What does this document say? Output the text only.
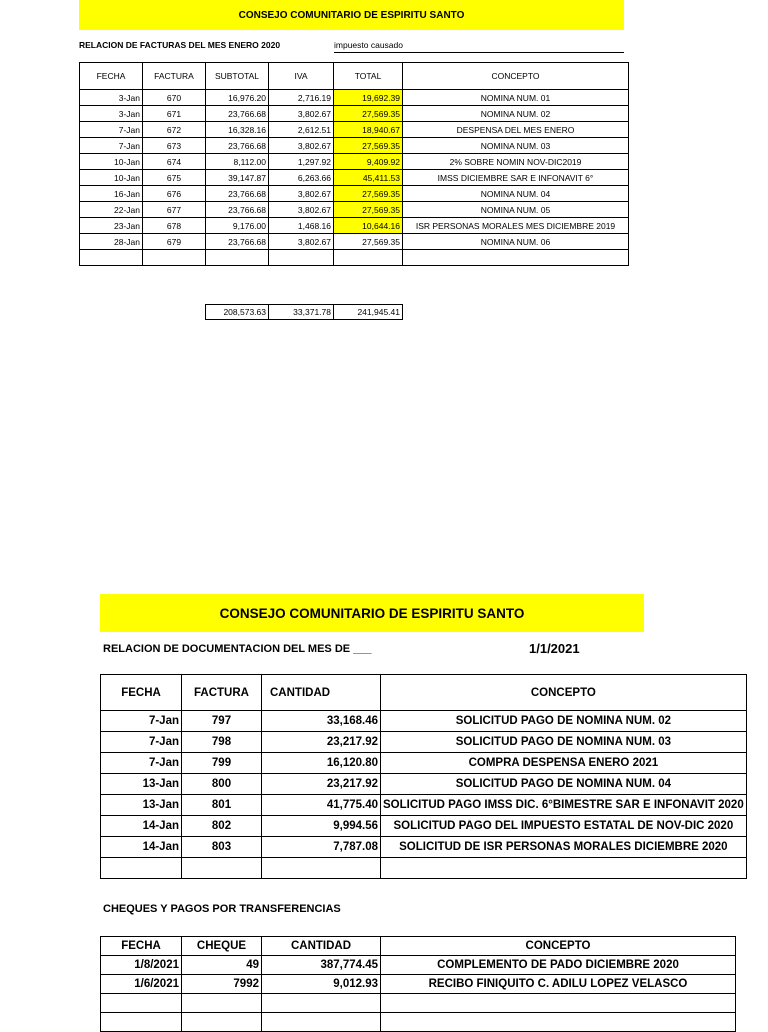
CONSEJO COMUNITARIO DE ESPIRITU SANTO
RELACION DE FACTURAS DEL MES ENERO 2020	impuesto causado
FECHA	FACTURA	SUBTOTAL	IVA	TOTAL	CONCEPTO
3-Jan	670	16,976.20	2,716.19	19,692.39	NOMINA NUM. 01
3-Jan	671	23,766.68	3,802.67	27,569.35	NOMINA NUM. 02
7-Jan	672	16,328.16	2,612.51	18,940.67	DESPENSA DEL MES ENERO
7-Jan	673	23,766.68	3,802.67	27,569.35	NOMINA NUM. 03
10-Jan	674	8,112.00	1,297.92	9,409.92	2% SOBRE NOMIN NOV-DIC2019
10-Jan	675	39,147.87	6,263.66	45,411.53	IMSS DICIEMBRE SAR E INFONAVIT 6°
16-Jan	676	23,766.68	3,802.67	27,569.35	NOMINA NUM. 04
22-Jan	677	23,766.68	3,802.67	27,569.35	NOMINA NUM. 05
23-Jan	678	9,176.00	1,468.16	10,644.16	ISR PERSONAS MORALES MES DICIEMBRE 2019
28-Jan	679	23,766.68	3,802.67	27,569.35	NOMINA NUM. 06

208,573.63	33,371.78	241,945.41
CONSEJO COMUNITARIO DE ESPIRITU SANTO
RELACION DE DOCUMENTACION DEL MES DE ___	1/1/2021
FECHA	FACTURA	CANTIDAD	CONCEPTO
7-Jan	797	33,168.46	SOLICITUD PAGO DE NOMINA NUM. 02
7-Jan	798	23,217.92	SOLICITUD PAGO DE NOMINA NUM. 03
7-Jan	799	16,120.80	COMPRA DESPENSA ENERO 2021
13-Jan	800	23,217.92	SOLICITUD PAGO DE NOMINA NUM. 04
13-Jan	801	41,775.40	SOLICITUD PAGO IMSS DIC. 6°BIMESTRE SAR E INFONAVIT 2020
14-Jan	802	9,994.56	SOLICITUD PAGO DEL IMPUESTO ESTATAL DE NOV-DIC 2020
14-Jan	803	7,787.08	SOLICITUD DE ISR PERSONAS MORALES DICIEMBRE 2020

CHEQUES Y PAGOS POR TRANSFERENCIAS
FECHA	CHEQUE	CANTIDAD	CONCEPTO
1/8/2021	49	387,774.45	COMPLEMENTO DE PADO DICIEMBRE 2020
1/6/2021	7992	9,012.93	RECIBO FINIQUITO C. ADILU LOPEZ VELASCO
